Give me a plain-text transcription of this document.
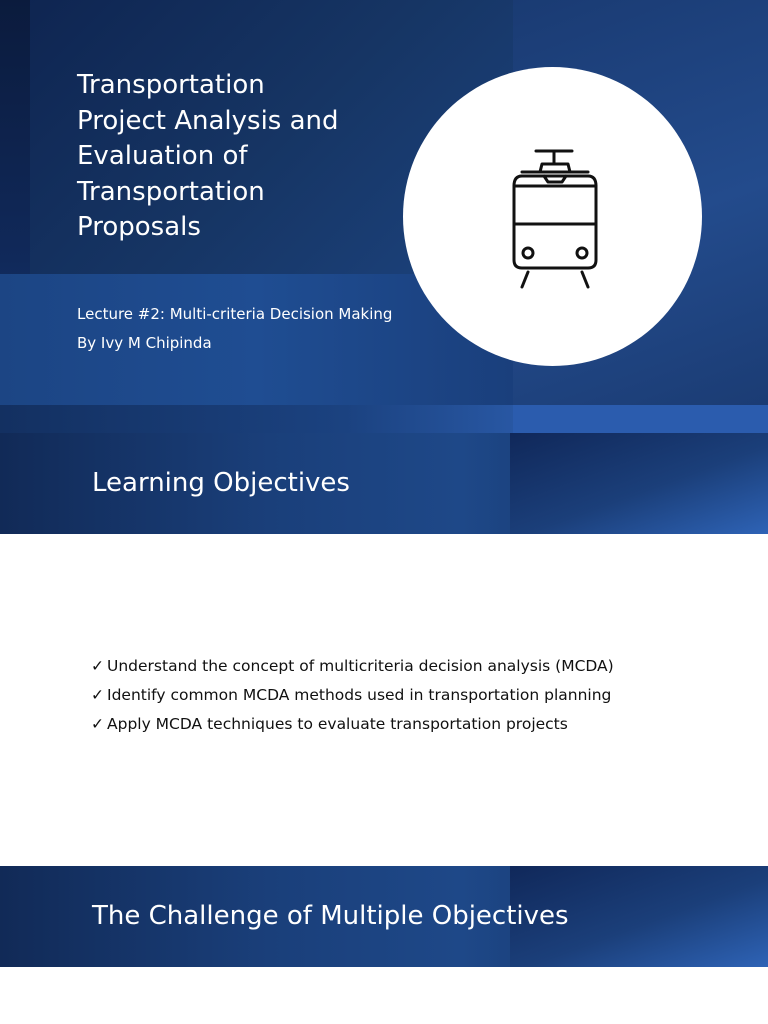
Transportation
Project Analysis and
Evaluation of
Transportation
Proposals
Lecture #2: Multi-criteria Decision Making
By Ivy M Chipinda
Learning Objectives
✓ Understand the concept of multicriteria decision analysis (MCDA)
✓ Identify common MCDA methods used in transportation planning
✓ Apply MCDA techniques to evaluate transportation projects
The Challenge of Multiple Objectives
